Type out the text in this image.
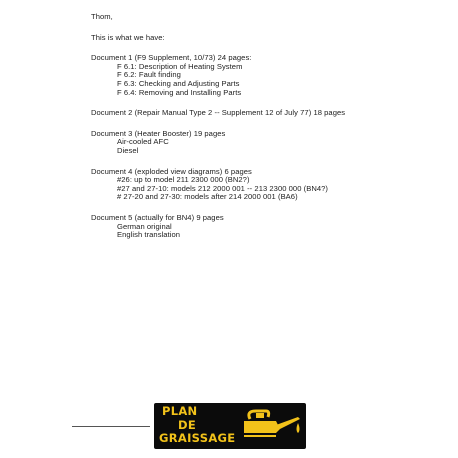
Thom,
This is what we have:
Document 1 (F9 Supplement, 10/73) 24 pages:
F 6.1: Description of Heating System
F 6.2: Fault finding
F 6.3: Checking and Adjusting Parts
F 6.4: Removing and Installing Parts
Document 2 (Repair Manual Type 2 -- Supplement 12 of July 77) 18 pages
Document 3 (Heater Booster) 19 pages
Air-cooled AFC
Diesel
Document 4 (exploded view diagrams) 6 pages
#26: up to model 211 2300 000 (BN2?)
#27 and 27-10: models 212 2000 001 -- 213 2300 000 (BN4?)
# 27-20 and 27-30: models after 214 2000 001 (BA6)
Document 5 (actually for BN4) 9 pages
German original
English translation
PLAN
DE
GRAISSAGE
